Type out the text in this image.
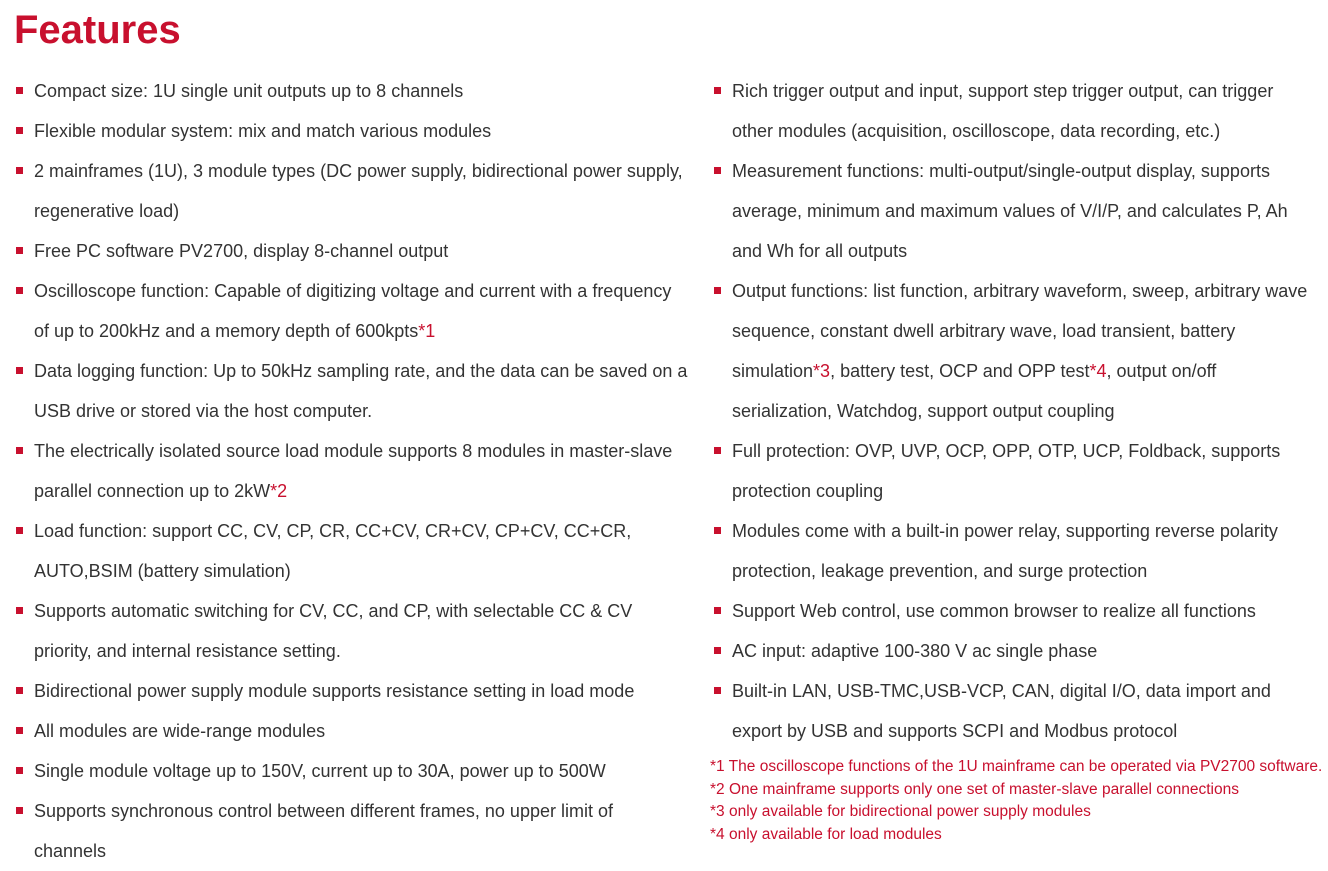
Features
Compact size: 1U single unit outputs up to 8 channels
Flexible modular system: mix and match various modules
2 mainframes (1U), 3 module types (DC power supply, bidirectional power supply, regenerative load)
Free PC software PV2700, display 8-channel output
Oscilloscope function: Capable of digitizing voltage and current with a frequency of up to 200kHz and a memory depth of 600kpts*1
Data logging function: Up to 50kHz sampling rate, and the data can be saved on a USB drive or stored via the host computer.
The electrically isolated source load module supports 8 modules in master-slave parallel connection up to 2kW*2
Load function: support CC, CV, CP, CR, CC+CV, CR+CV, CP+CV, CC+CR, AUTO,BSIM (battery simulation)
Supports automatic switching for CV, CC, and CP, with selectable CC & CV priority, and internal resistance setting.
Bidirectional power supply module supports resistance setting in load mode
All modules are wide-range modules
Single module voltage up to 150V, current up to 30A, power up to 500W
Supports synchronous control between different frames, no upper limit of channels
Rich trigger output and input, support step trigger output, can trigger other modules (acquisition, oscilloscope, data recording, etc.)
Measurement functions: multi-output/single-output display, supports average, minimum and maximum values of V/I/P, and calculates P, Ah and Wh for all outputs
Output functions: list function, arbitrary waveform, sweep, arbitrary wave sequence, constant dwell arbitrary wave, load transient, battery simulation*3, battery test, OCP and OPP test*4, output on/off serialization, Watchdog, support output coupling
Full protection: OVP, UVP, OCP, OPP, OTP, UCP, Foldback, supports protection coupling
Modules come with a built-in power relay, supporting reverse polarity protection, leakage prevention, and surge protection
Support Web control, use common browser to realize all functions
AC input: adaptive 100-380 V ac single phase
Built-in LAN, USB-TMC,USB-VCP, CAN, digital I/O, data import and export by USB and supports SCPI and Modbus protocol
*1 The oscilloscope functions of the 1U mainframe can be operated via PV2700 software.
*2 One mainframe supports only one set of master-slave parallel connections
*3 only available for bidirectional power supply modules
*4 only available for load modules
